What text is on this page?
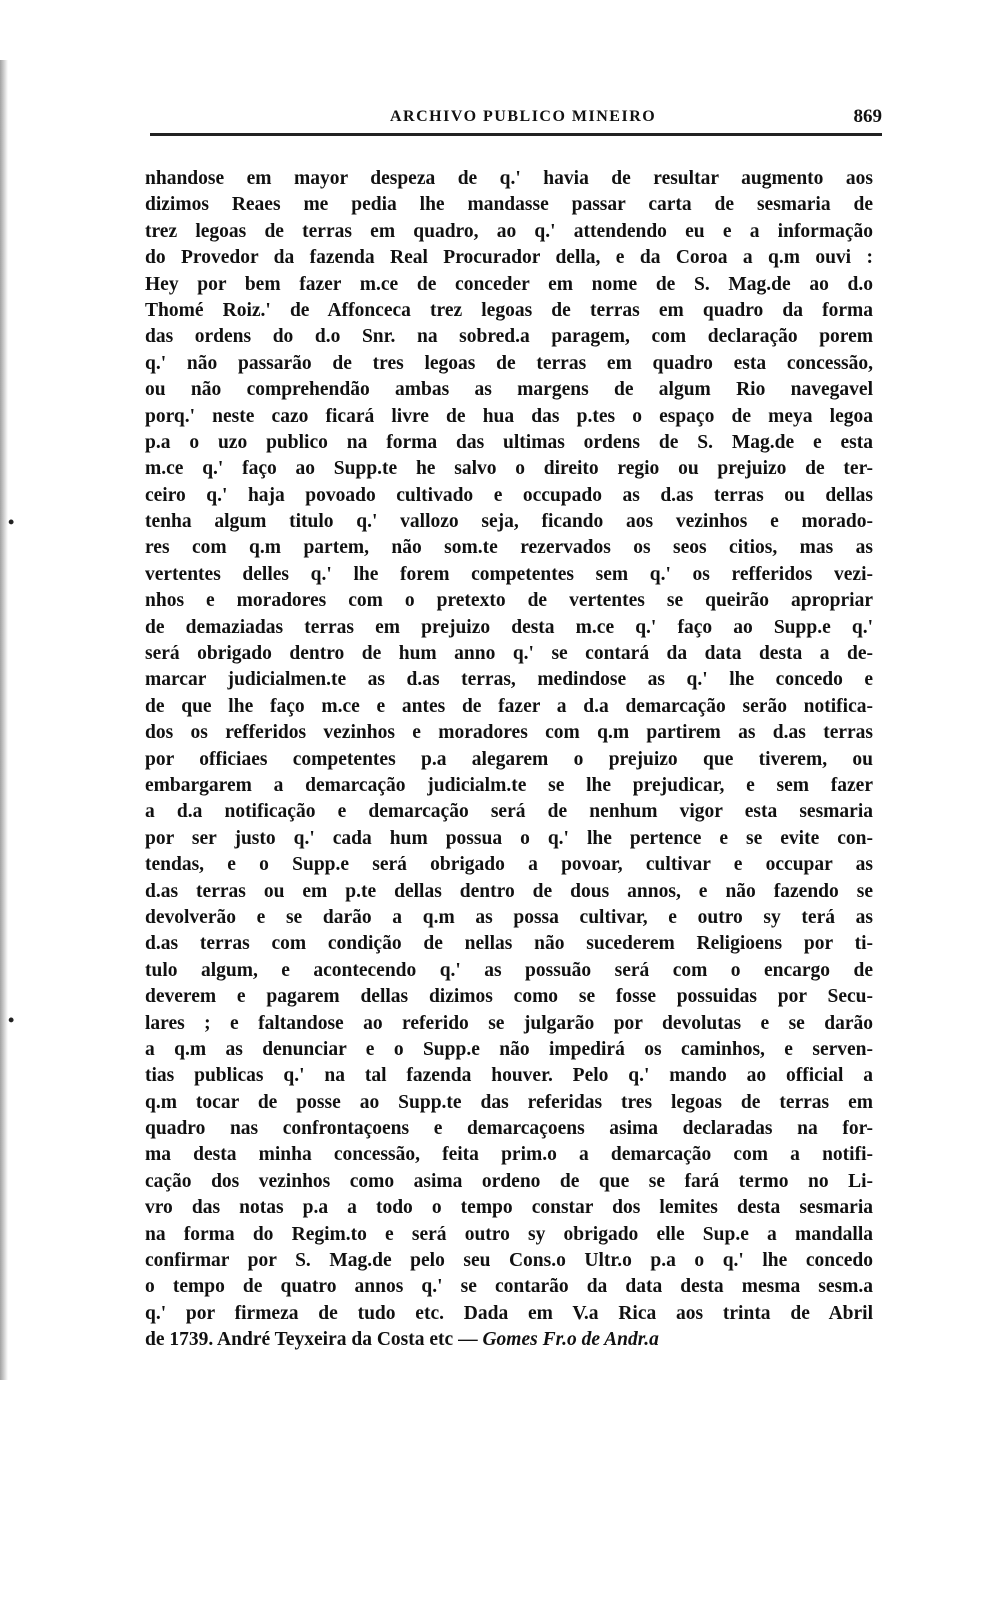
ARCHIVO PUBLICO MINEIRO	869
nhandose em mayor despeza de q.' havia de resultar augmento aos
dizimos Reaes me pedia lhe mandasse passar carta de sesmaria de
trez legoas de terras em quadro, ao q.' attendendo eu e a informação
do Provedor da fazenda Real Procurador della, e da Coroa a q.m ouvi :
Hey por bem fazer m.ce de conceder em nome de S. Mag.de ao d.o
Thomé Roiz.' de Affonceca trez legoas de terras em quadro da forma
das ordens do d.o Snr. na sobred.a paragem, com declaração porem
q.' não passarão de tres legoas de terras em quadro esta concessão,
ou não comprehendão ambas as margens de algum Rio navegavel
porq.' neste cazo ficará livre de hua das p.tes o espaço de meya legoa
p.a o uzo publico na forma das ultimas ordens de S. Mag.de e esta
m.ce q.' faço ao Supp.te he salvo o direito regio ou prejuizo de ter-
ceiro q.' haja povoado cultivado e occupado as d.as terras ou dellas
tenha algum titulo q.' vallozo seja, ficando aos vezinhos e morado-
res com q.m partem, não som.te rezervados os seos citios, mas as
vertentes delles q.' lhe forem competentes sem q.' os refferidos vezi-
nhos e moradores com o pretexto de vertentes se queirão apropriar
de demaziadas terras em prejuizo desta m.ce q.' faço ao Supp.e q.'
será obrigado dentro de hum anno q.' se contará da data desta a de-
marcar judicialmen.te as d.as terras, medindose as q.' lhe concedo e
de que lhe faço m.ce e antes de fazer a d.a demarcação serão notifica-
dos os refferidos vezinhos e moradores com q.m partirem as d.as terras
por officiaes competentes p.a alegarem o prejuizo que tiverem, ou
embargarem a demarcação judicialm.te se lhe prejudicar, e sem fazer
a d.a notificação e demarcação será de nenhum vigor esta sesmaria
por ser justo q.' cada hum possua o q.' lhe pertence e se evite con-
tendas, e o Supp.e será obrigado a povoar, cultivar e occupar as
d.as terras ou em p.te dellas dentro de dous annos, e não fazendo se
devolverão e se darão a q.m as possa cultivar, e outro sy terá as
d.as terras com condição de nellas não sucederem Religioens por ti-
tulo algum, e acontecendo q.' as possuão será com o encargo de
deverem e pagarem dellas dizimos como se fosse possuidas por Secu-
lares ; e faltandose ao referido se julgarão por devolutas e se darão
a q.m as denunciar e o Supp.e não impedirá os caminhos, e serven-
tias publicas q.' na tal fazenda houver. Pelo q.' mando ao official a
q.m tocar de posse ao Supp.te das referidas tres legoas de terras em
quadro nas confrontaçoens e demarcaçoens asima declaradas na for-
ma desta minha concessão, feita prim.o a demarcação com a notifi-
cação dos vezinhos como asima ordeno de que se fará termo no Li-
vro das notas p.a a todo o tempo constar dos lemites desta sesmaria
na forma do Regim.to e será outro sy obrigado elle Sup.e a mandalla
confirmar por S. Mag.de pelo seu Cons.o Ultr.o p.a o q.' lhe concedo
o tempo de quatro annos q.' se contarão da data desta mesma sesm.a
q.' por firmeza de tudo etc. Dada em V.a Rica aos trinta de Abril
de 1739. André Teyxeira da Costa etc — Gomes Fr.o de Andr.a
•
•
